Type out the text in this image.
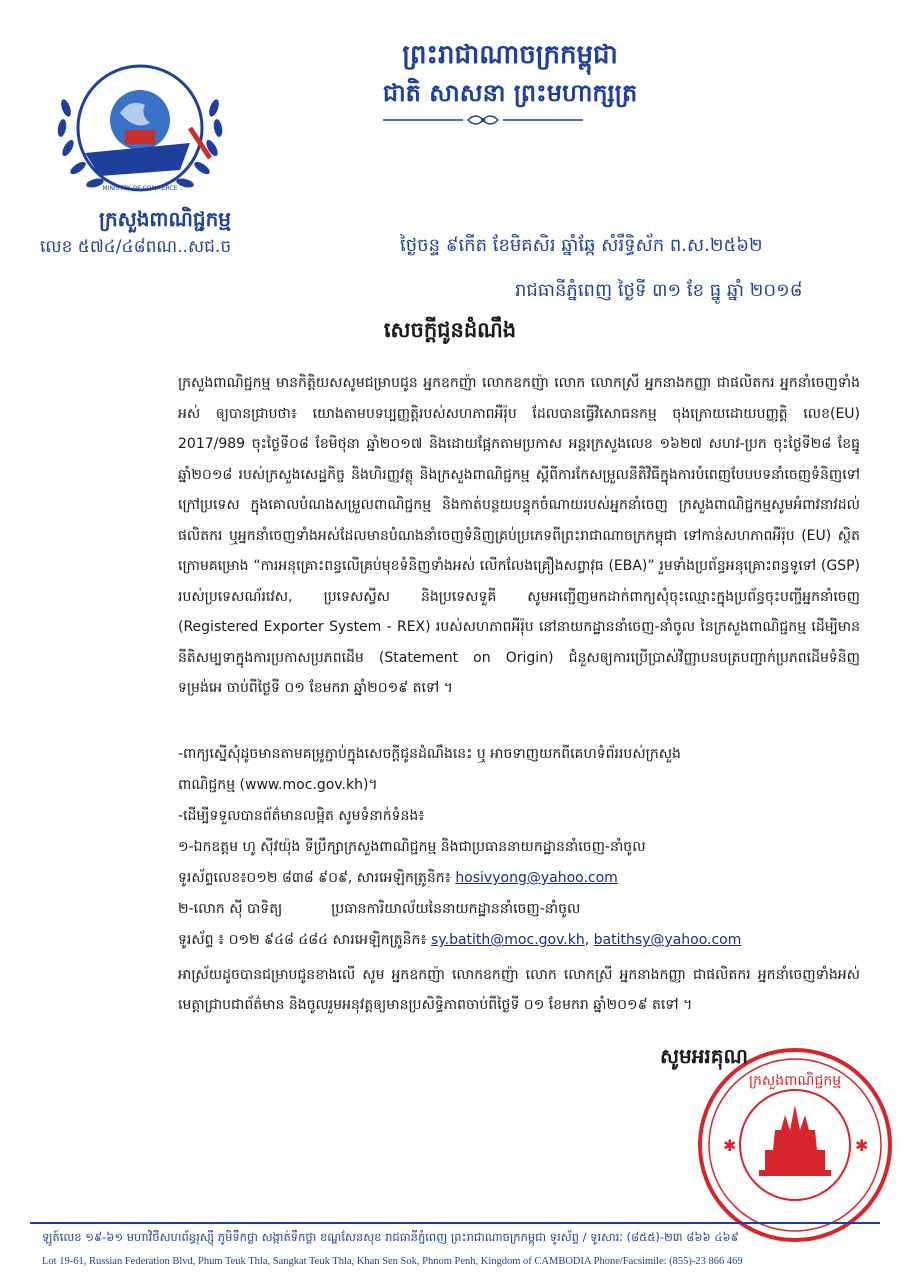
MINISTRY OF COMMERCE
ព្រះរាជាណាចក្រកម្ពុជា
ជាតិ សាសនា ព្រះមហាក្សត្រ
ក្រសួងពាណិជ្ជកម្ម
លេខ ៥៧៤/៤៨ពណ..សជ.ច	ថ្ងៃចន្ទ ៩កើត ខែមិគសិរ ឆ្នាំឆ្កែ សំរឹទ្ធិស័ក ព.ស.២៥៦២
រាជធានីភ្នំពេញ ថ្ងៃទី ៣១ ខែ ធ្នូ ឆ្នាំ ២០១៨
សេចក្តីជូនដំណឹង
ក្រសួងពាណិជ្ជកម្ម មានកិត្តិយសសូមជម្រាបជូន អ្នកឧកញ៉ា លោកឧកញ៉ា លោក លោកស្រី អ្នកនាងកញ្ញា ជាផលិតករ អ្នកនាំចេញទាំងអស់ ឲ្យបានជ្រាបថា៖ យោងតាមបទប្បញ្ញត្តិរបស់សហភាពអឺរ៉ុប ដែលបានធ្វើវិសោធនកម្ម ចុងក្រោយដោយបញ្ញត្តិ លេខ(EU) 2017/989 ចុះថ្ងៃទី០៨ ខែមិថុនា ឆ្នាំ២០១៧ និងដោយផ្អែកតាមប្រកាស អន្តរក្រសួងលេខ ១៦២៧ សហវ-ប្រក ចុះថ្ងៃទី២៨ ខែធ្នូ ឆ្នាំ២០១៨ របស់ក្រសួងសេដ្ឋកិច្ច និងហិរញ្ញវត្ថុ និងក្រសួងពាណិជ្ជកម្ម ស្តីពីការកែសម្រួលនីតិវិធីក្នុងការបំពេញបែបបទនាំចេញទំនិញទៅក្រៅប្រទេស ក្នុងគោលបំណងសម្រួលពាណិជ្ជកម្ម និងកាត់បន្ថយបន្ទុកចំណាយរបស់អ្នកនាំចេញ ក្រសួងពាណិជ្ជកម្មសូមអំពាវនាវដល់ផលិតករ ឬអ្នកនាំចេញទាំងអស់ដែលមានបំណងនាំចេញទំនិញគ្រប់ប្រភេទពីព្រះរាជាណាចក្រកម្ពុជា ទៅកាន់សហភាពអឺរ៉ុប (EU) ស្ថិតក្រោមគម្រោង “ការអនុគ្រោះពន្ធលើគ្រប់មុខទំនិញទាំងអស់ លើកលែងគ្រឿងសព្វាវុធ (EBA)” រួមទាំងប្រព័ន្ធអនុគ្រោះពន្ធទូទៅ (GSP) របស់ប្រទេសណ័រវេស, ប្រទេសស្វីស និងប្រទេសទួគី សូមអញ្ជើញមកដាក់ពាក្យសុំចុះឈ្មោះក្នុងប្រព័ន្ធចុះបញ្ជីអ្នកនាំចេញ (Registered Exporter System - REX) របស់សហភាពអឺរ៉ុប នៅនាយកដ្ឋាននាំចេញ-នាំចូល នៃក្រសួងពាណិជ្ជកម្ម ដើម្បីមាននីតិសម្បទាក្នុងការប្រកាសប្រភពដើម (Statement on Origin) ជំនួសឲ្យការប្រើប្រាស់វិញ្ញាបនបត្របញ្ជាក់ប្រភពដើមទំនិញទម្រង់អេ ចាប់ពីថ្ងៃទី ០១ ខែមករា ឆ្នាំ២០១៩ តទៅ ។
-ពាក្យស្នើសុំដូចមានតាមគម្រូភ្ជាប់ក្នុងសេចក្តីជូនដំណឹងនេះ ឬ អាចទាញយកពីគេហទំព័ររបស់ក្រសួង
ពាណិជ្ជកម្ម (www.moc.gov.kh)។
-ដើម្បីទទួលបានព័ត៌មានលម្អិត សូមទំនាក់ទំនង៖
១-ឯកឧត្តម ហូ ស៊ីវយ៉ុង ទីប្រឹក្សាក្រសួងពាណិជ្ជកម្ម និងជាប្រធាននាយកដ្ឋាននាំចេញ-នាំចូល
ទូរស័ព្ទលេខ៖០១២ ៨៣៨ ៩០៩, សារអេឡិកត្រូនិក៖ hosivyong@yahoo.com
២-លោក ស៊ី បាទិត្យ	ប្រធានការិយាល័យនៃនាយកដ្ឋាននាំចេញ-នាំចូល
ទូរស័ព្ទ ៖ ០១២ ៩៤៨ ៤៨៤ សារអេឡិកត្រូនិក៖ sy.batith@moc.gov.kh, batithsy@yahoo.com
អាស្រ័យដូចបានជម្រាបជូនខាងលើ សូម អ្នកឧកញ៉ា លោកឧកញ៉ា លោក លោកស្រី អ្នកនាងកញ្ញា ជាផលិតករ អ្នកនាំចេញទាំងអស់ មេត្តាជ្រាបជាព័ត៌មាន និងចូលរួមអនុវត្តឲ្យមានប្រសិទ្ធិភាពចាប់ពីថ្ងៃទី ០១ ខែមករា ឆ្នាំ២០១៩ តទៅ ។
ក្រសួងពាណិជ្ជកម្ម
✱	✱
សូមអរគុណ
ឡូត៍លេខ ១៩-៦១ មហាវិថីសហព័ន្ធរុស្ស៊ី ភូមិទឹកថ្លា សង្កាត់ទឹកថ្លា ខណ្ឌសែនសុខ រាជធានីភ្នំពេញ ព្រះរាជាណាចក្រកម្ពុជា ទូរស័ព្ទ / ទូរសារៈ (៨៥៥)-២៣ ៨៦៦ ៤៦៩
Lot 19-61, Russian Federation Blvd, Phum Teuk Thla, Sangkat Teuk Thla, Khan Sen Sok, Phnom Penh, Kingdom of CAMBODIA Phone/Facsimile: (855)-23 866 469
